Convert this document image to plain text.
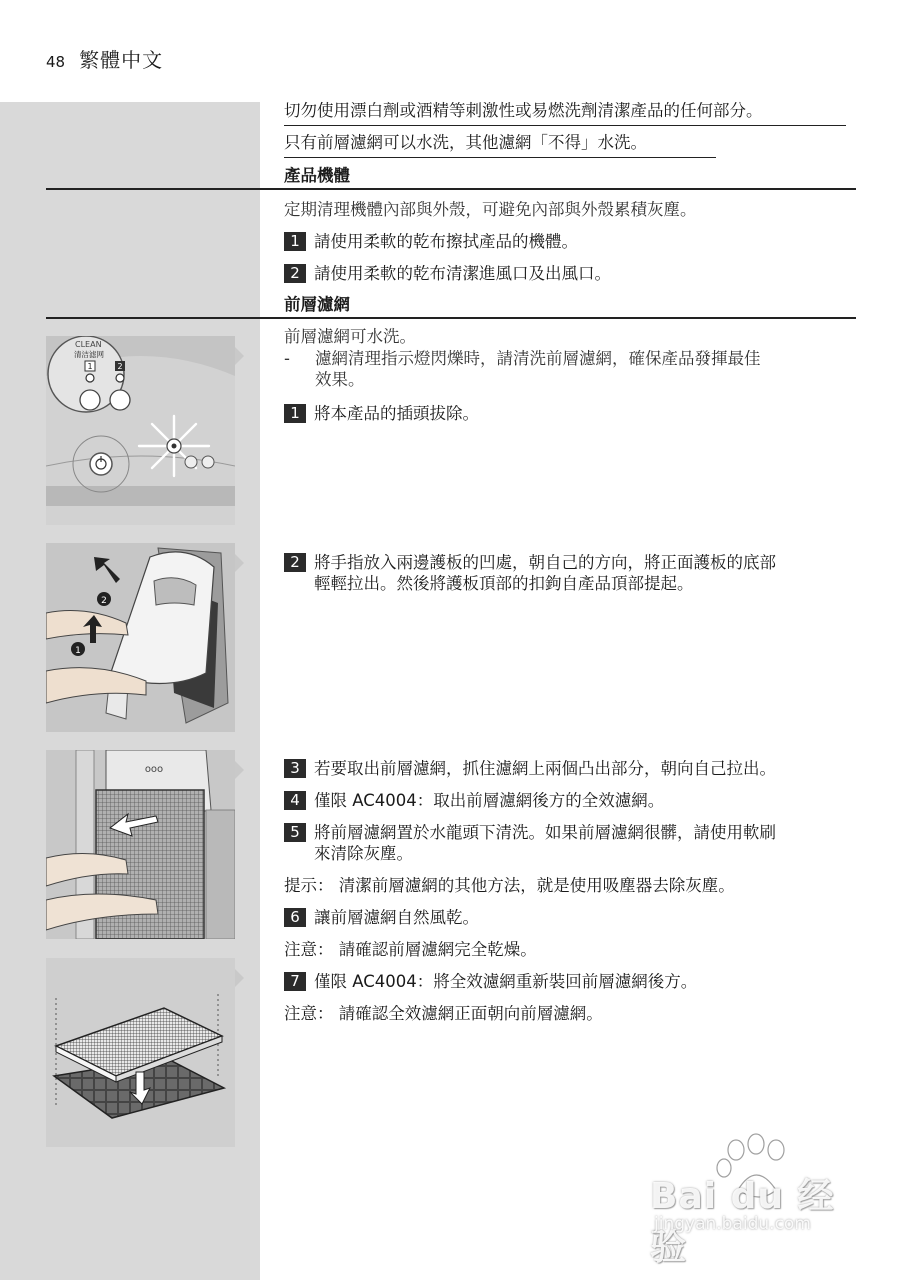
48 繁體中文
切勿使用漂白劑或酒精等刺激性或易燃洗劑清潔產品的任何部分。
只有前層濾網可以水洗，其他濾網「不得」水洗。
產品機體
定期清理機體內部與外殼，可避免內部與外殼累積灰塵。
1 請使用柔軟的乾布擦拭產品的機體。
2 請使用柔軟的乾布清潔進風口及出風口。
前層濾網
前層濾網可水洗。
- 濾網清理指示燈閃爍時，請清洗前層濾網，確保產品發揮最佳
效果。
1 將本產品的插頭拔除。
2 將手指放入兩邊護板的凹處，朝自己的方向，將正面護板的底部
輕輕拉出。然後將護板頂部的扣鉤自產品頂部提起。
3 若要取出前層濾網，抓住濾網上兩個凸出部分，朝向自己拉出。
4 僅限 AC4004：取出前層濾網後方的全效濾網。
5 將前層濾網置於水龍頭下清洗。如果前層濾網很髒，請使用軟刷
來清除灰塵。
提示： 清潔前層濾網的其他方法，就是使用吸塵器去除灰塵。
6 讓前層濾網自然風乾。
注意： 請確認前層濾網完全乾燥。
7 僅限 AC4004：將全效濾網重新裝回前層濾網後方。
注意： 請確認全效濾網正面朝向前層濾網。
CLEAN
清洁滤网
1	2
2
1
ooo
Bai du 经验
jingyan.baidu.com
